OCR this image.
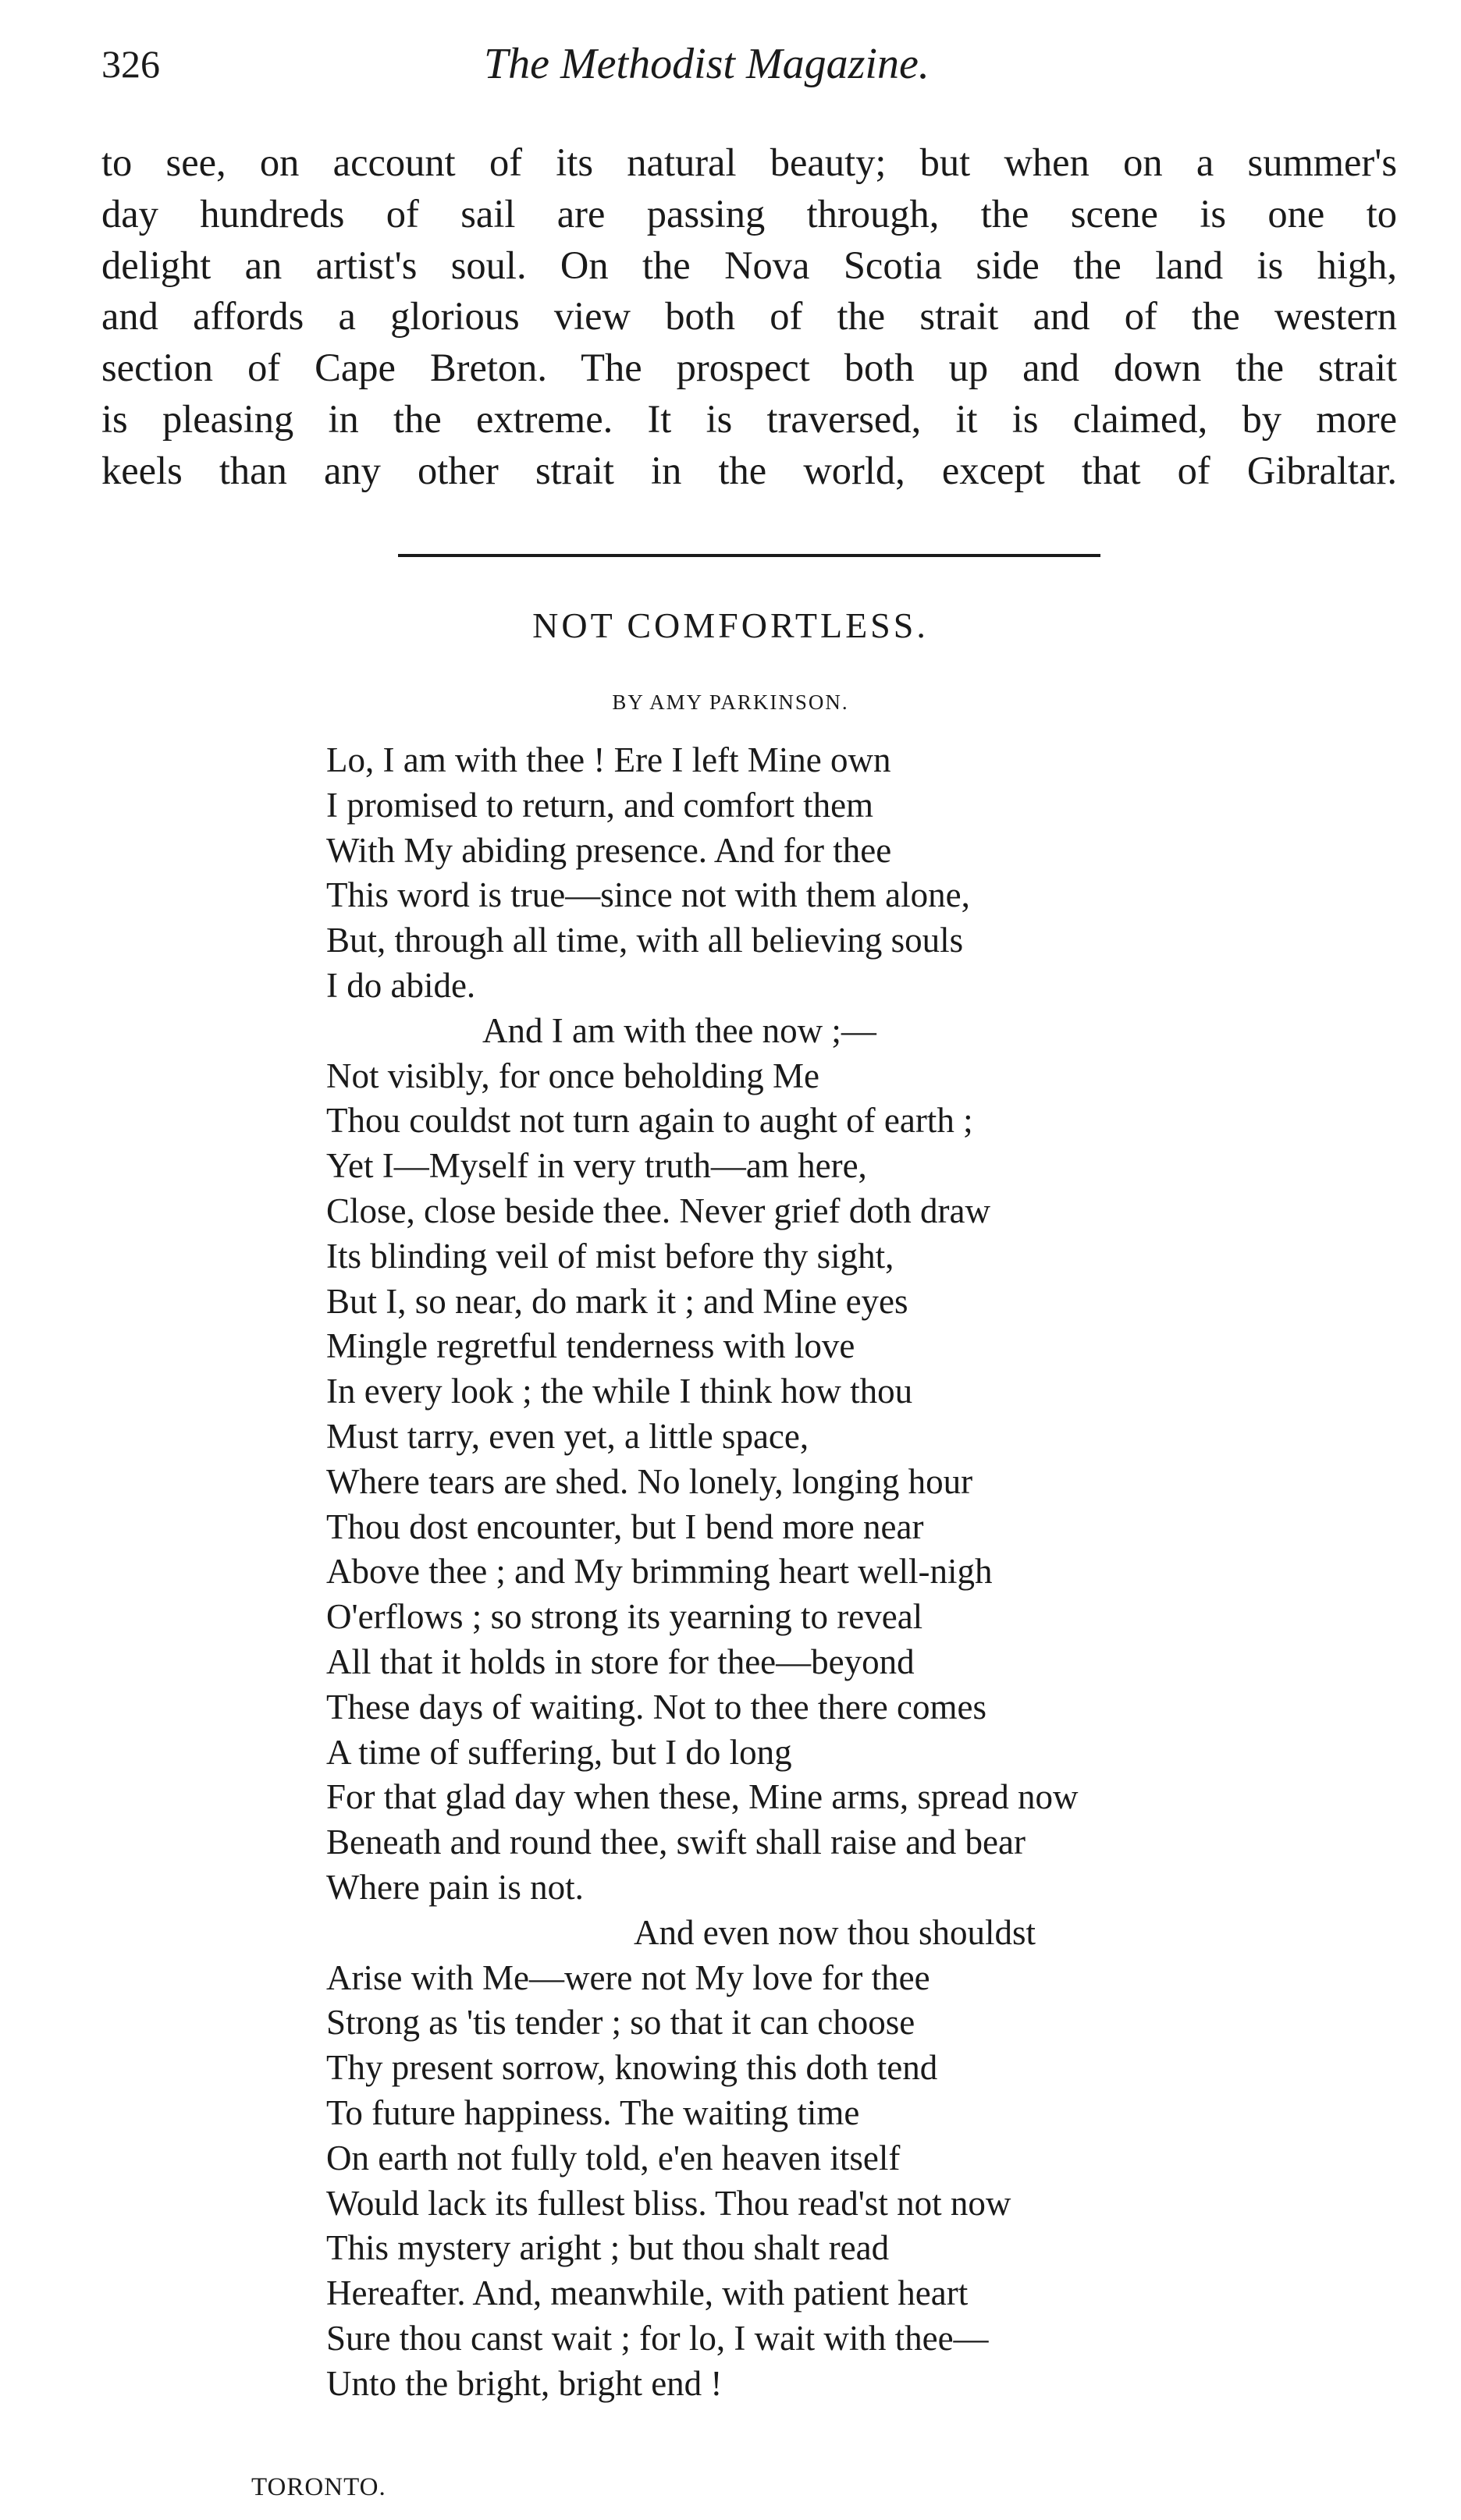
326	The Methodist Magazine.
to see, on account of its natural beauty; but when on a summer's
day hundreds of sail are passing through, the scene is one to
delight an artist's soul. On the Nova Scotia side the land is high,
and affords a glorious view both of the strait and of the western
section of Cape Breton. The prospect both up and down the strait
is pleasing in the extreme. It is traversed, it is claimed, by more
keels than any other strait in the world, except that of Gibraltar.
NOT COMFORTLESS.
BY AMY PARKINSON.
Lo, I am with thee ! Ere I left Mine own
I promised to return, and comfort them
With My abiding presence. And for thee
This word is true—since not with them alone,
But, through all time, with all believing souls
I do abide.
And I am with thee now ;—
Not visibly, for once beholding Me
Thou couldst not turn again to aught of earth ;
Yet I—Myself in very truth—am here,
Close, close beside thee. Never grief doth draw
Its blinding veil of mist before thy sight,
But I, so near, do mark it ; and Mine eyes
Mingle regretful tenderness with love
In every look ; the while I think how thou
Must tarry, even yet, a little space,
Where tears are shed. No lonely, longing hour
Thou dost encounter, but I bend more near
Above thee ; and My brimming heart well-nigh
O'erflows ; so strong its yearning to reveal
All that it holds in store for thee—beyond
These days of waiting. Not to thee there comes
A time of suffering, but I do long
For that glad day when these, Mine arms, spread now
Beneath and round thee, swift shall raise and bear
Where pain is not.
And even now thou shouldst
Arise with Me—were not My love for thee
Strong as 'tis tender ; so that it can choose
Thy present sorrow, knowing this doth tend
To future happiness. The waiting time
On earth not fully told, e'en heaven itself
Would lack its fullest bliss. Thou read'st not now
This mystery aright ; but thou shalt read
Hereafter. And, meanwhile, with patient heart
Sure thou canst wait ; for lo, I wait with thee—
Unto the bright, bright end !
TORONTO.
